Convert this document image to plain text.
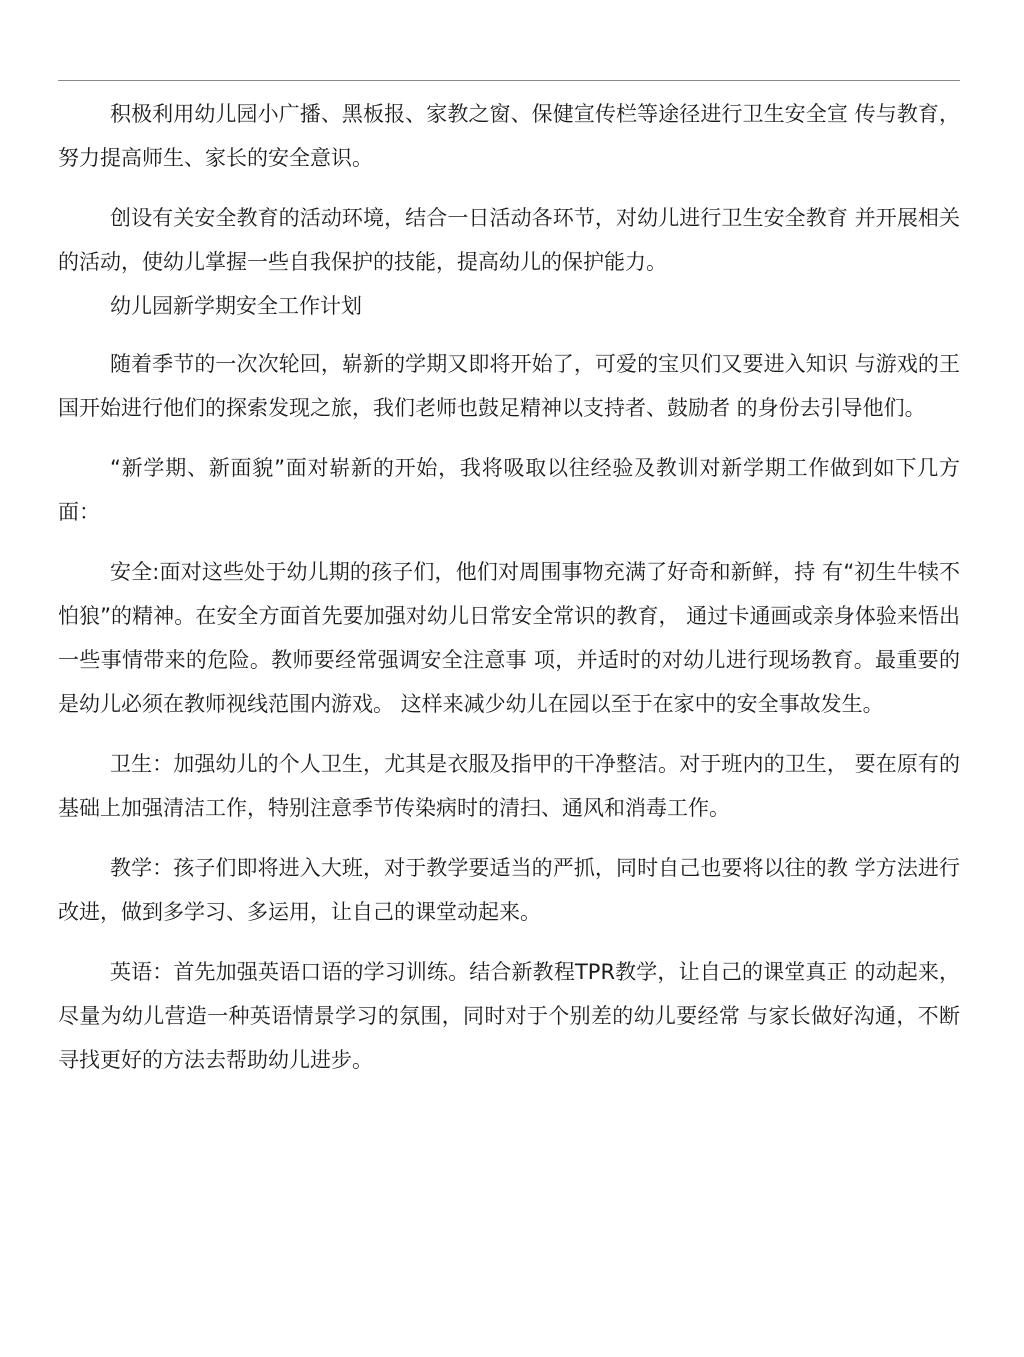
积极利用幼儿园小广播、黑板报、家教之窗、保健宣传栏等途径进行卫生安全宣 传与教育，努力提高师生、家长的安全意识。

创设有关安全教育的活动环境，结合一日活动各环节，对幼儿进行卫生安全教育 并开展相关的活动，使幼儿掌握一些自我保护的技能，提高幼儿的保护能力。

幼儿园新学期安全工作计划

随着季节的一次次轮回，崭新的学期又即将开始了，可爱的宝贝们又要进入知识 与游戏的王国开始进行他们的探索发现之旅，我们老师也鼓足精神以支持者、鼓励者 的身份去引导他们。

“新学期、新面貌”面对崭新的开始，我将吸取以往经验及教训对新学期工作做到如下几方面：

安全:面对这些处于幼儿期的孩子们，他们对周围事物充满了好奇和新鲜，持 有“初生牛犊不怕狼”的精神。在安全方面首先要加强对幼儿日常安全常识的教育， 通过卡通画或亲身体验来悟出一些事情带来的危险。教师要经常强调安全注意事 项，并适时的对幼儿进行现场教育。最重要的是幼儿必须在教师视线范围内游戏。 这样来减少幼儿在园以至于在家中的安全事故发生。

卫生：加强幼儿的个人卫生，尤其是衣服及指甲的干净整洁。对于班内的卫生， 要在原有的基础上加强清洁工作，特别注意季节传染病时的清扫、通风和消毒工作。

教学：孩子们即将进入大班，对于教学要适当的严抓，同时自己也要将以往的教 学方法进行改进，做到多学习、多运用，让自己的课堂动起来。

英语：首先加强英语口语的学习训练。结合新教程TPR教学，让自己的课堂真正 的动起来，尽量为幼儿营造一种英语情景学习的氛围，同时对于个别差的幼儿要经常 与家长做好沟通，不断寻找更好的方法去帮助幼儿进步。
